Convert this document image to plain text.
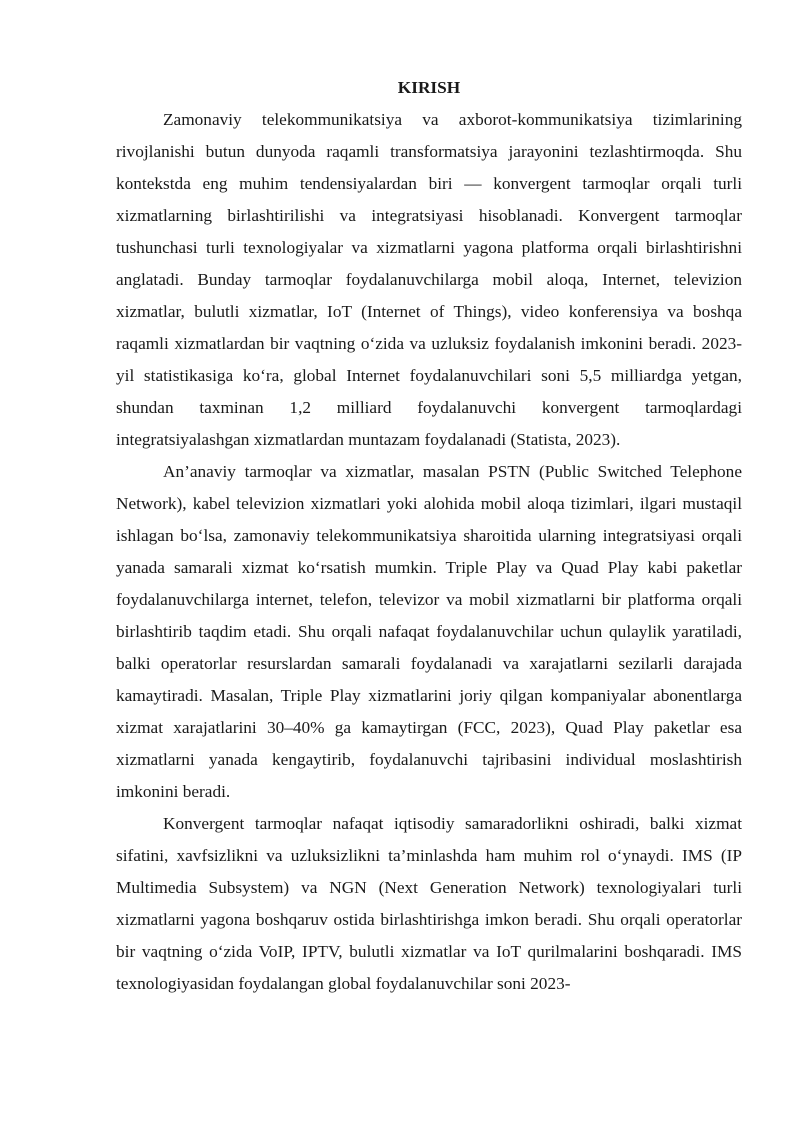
KIRISH

Zamonaviy telekommunikatsiya va axborot-kommunikatsiya tizimlarining rivojlanishi butun dunyoda raqamli transformatsiya jarayonini tezlashtirmoqda. Shu kontekstda eng muhim tendensiyalardan biri — konvergent tarmoqlar orqali turli xizmatlarning birlashtirilishi va integratsiyasi hisoblanadi. Konvergent tarmoqlar tushunchasi turli texnologiyalar va xizmatlarni yagona platforma orqali birlashtirishni anglatadi. Bunday tarmoqlar foydalanuvchilarga mobil aloqa, Internet, televizion xizmatlar, bulutli xizmatlar, IoT (Internet of Things), video konferensiya va boshqa raqamli xizmatlardan bir vaqtning oʻzida va uzluksiz foydalanish imkonini beradi. 2023-yil statistikasiga koʻra, global Internet foydalanuvchilari soni 5,5 milliardga yetgan, shundan taxminan 1,2 milliard foydalanuvchi konvergent tarmoqlardagi integratsiyalashgan xizmatlardan muntazam foydalanadi (Statista, 2023).

An’anaviy tarmoqlar va xizmatlar, masalan PSTN (Public Switched Telephone Network), kabel televizion xizmatlari yoki alohida mobil aloqa tizimlari, ilgari mustaqil ishlagan boʻlsa, zamonaviy telekommunikatsiya sharoitida ularning integratsiyasi orqali yanada samarali xizmat koʻrsatish mumkin. Triple Play va Quad Play kabi paketlar foydalanuvchilarga internet, telefon, televizor va mobil xizmatlarni bir platforma orqali birlashtirib taqdim etadi. Shu orqali nafaqat foydalanuvchilar uchun qulaylik yaratiladi, balki operatorlar resurslardan samarali foydalanadi va xarajatlarni sezilarli darajada kamaytiradi. Masalan, Triple Play xizmatlarini joriy qilgan kompaniyalar abonentlarga xizmat xarajatlarini 30–40% ga kamaytirgan (FCC, 2023), Quad Play paketlar esa xizmatlarni yanada kengaytirib, foydalanuvchi tajribasini individual moslashtirish imkonini beradi.

Konvergent tarmoqlar nafaqat iqtisodiy samaradorlikni oshiradi, balki xizmat sifatini, xavfsizlikni va uzluksizlikni ta’minlashda ham muhim rol oʻynaydi. IMS (IP Multimedia Subsystem) va NGN (Next Generation Network) texnologiyalari turli xizmatlarni yagona boshqaruv ostida birlashtirishga imkon beradi. Shu orqali operatorlar bir vaqtning oʻzida VoIP, IPTV, bulutli xizmatlar va IoT qurilmalarini boshqaradi. IMS texnologiyasidan foydalangan global foydalanuvchilar soni 2023-
